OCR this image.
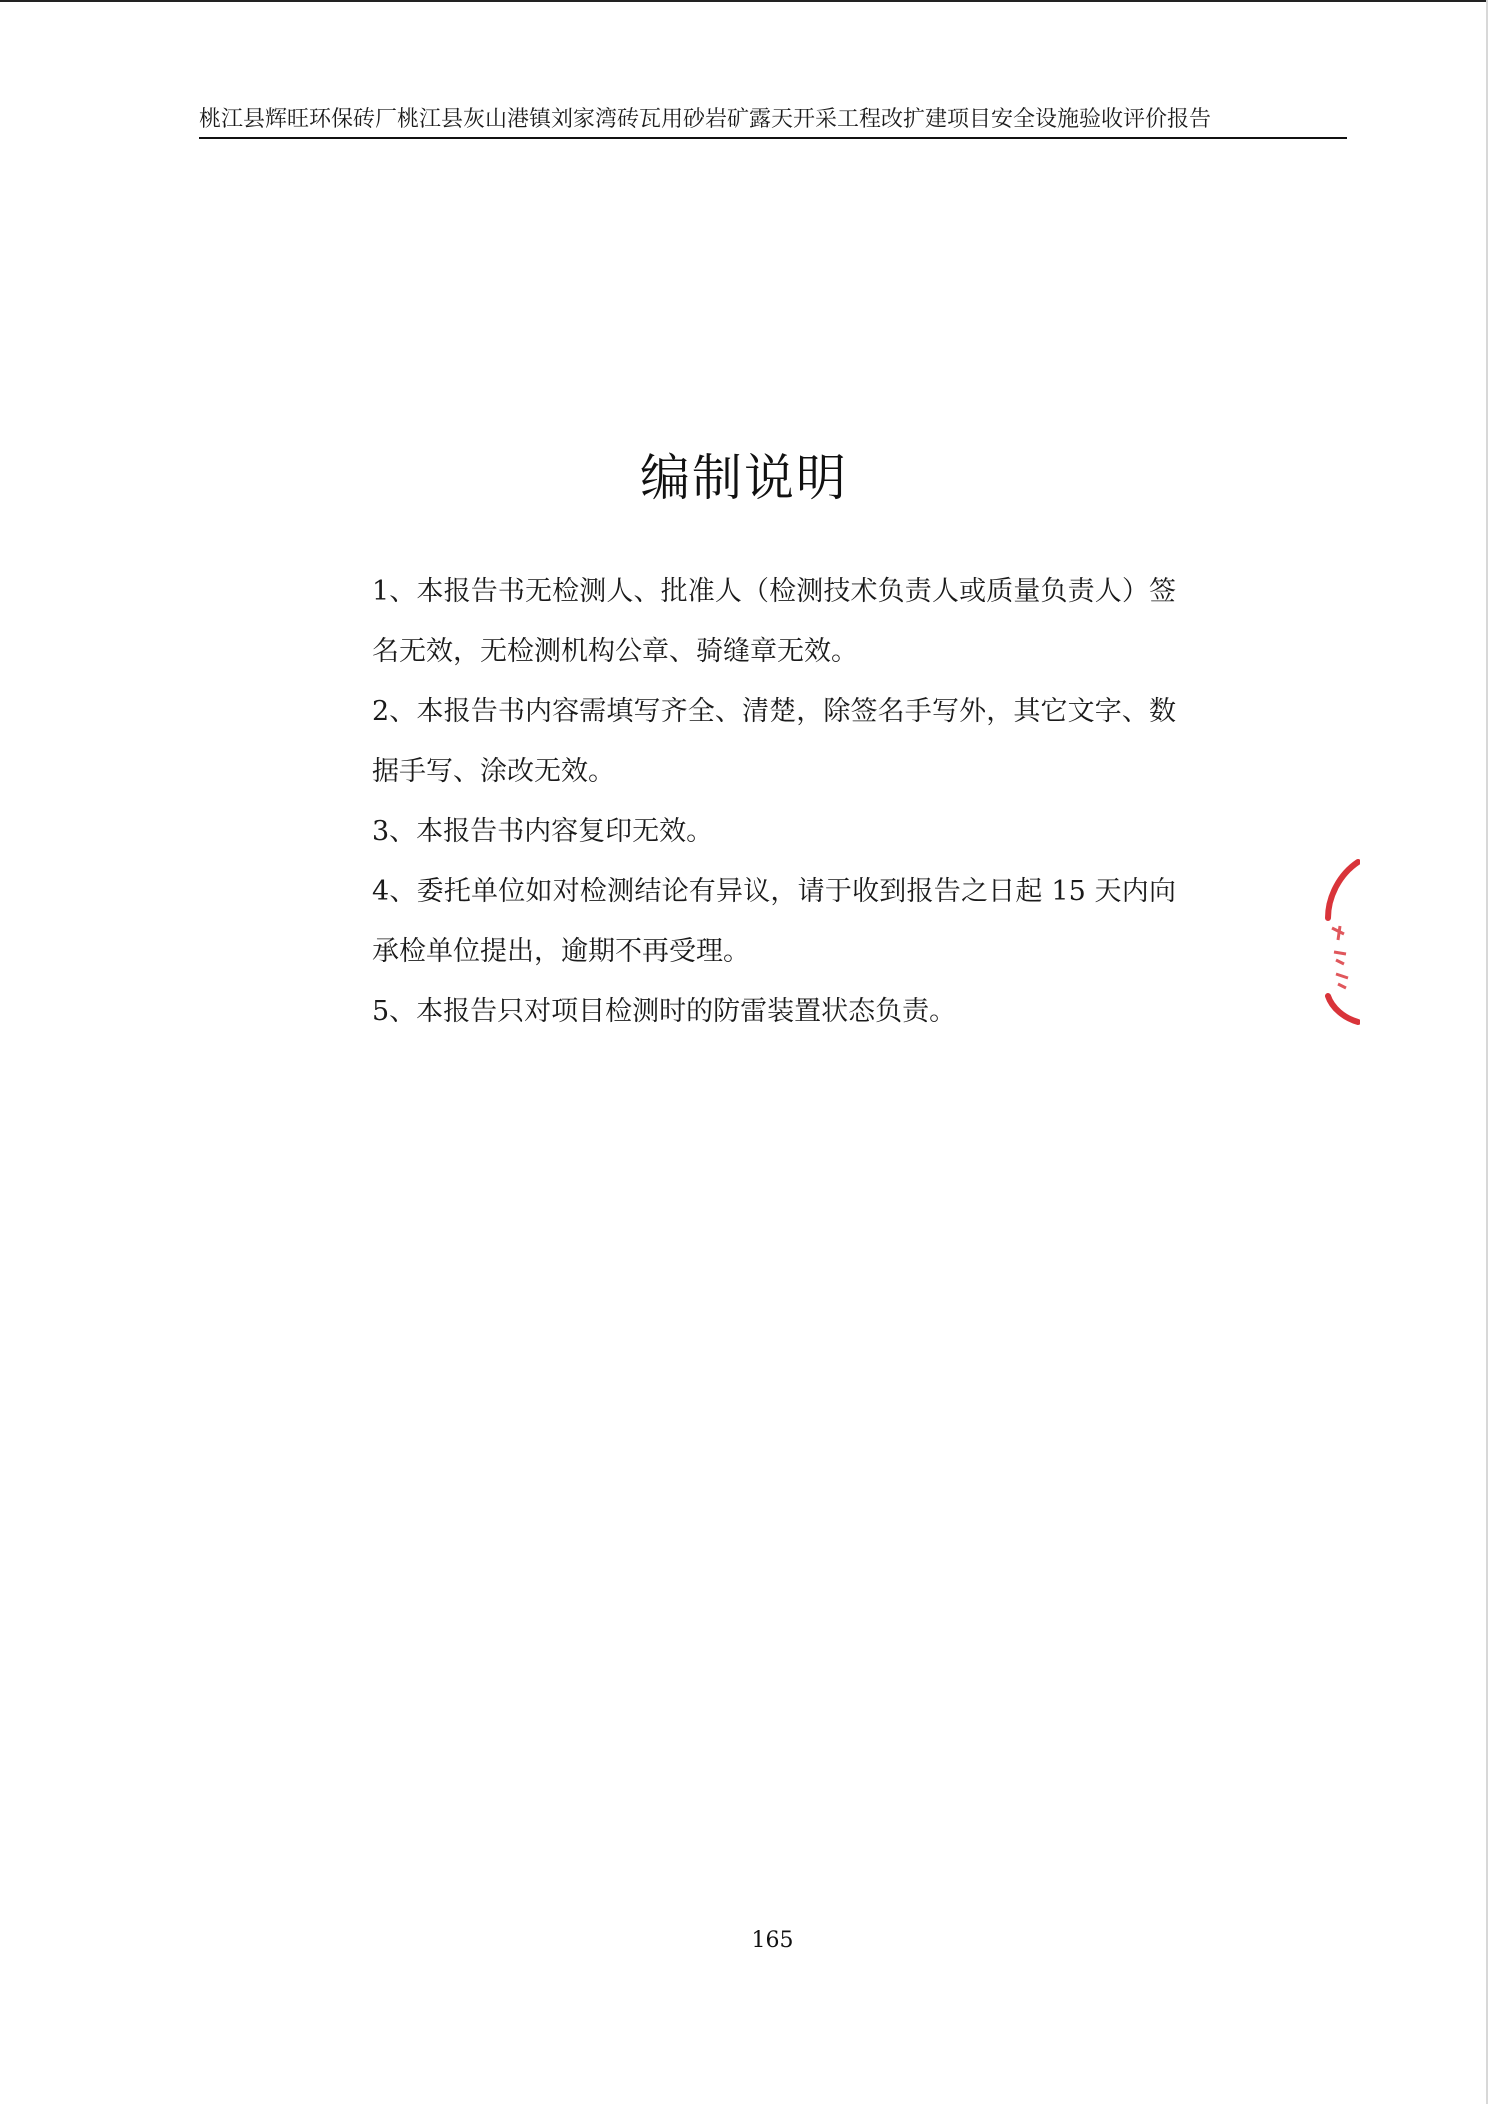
桃江县辉旺环保砖厂桃江县灰山港镇刘家湾砖瓦用砂岩矿露天开采工程改扩建项目安全设施验收评价报告
编制说明

1、本报告书无检测人、批准人（检测技术负责人或质量负责人）签名无效，无检测机构公章、骑缝章无效。

2、本报告书内容需填写齐全、清楚，除签名手写外，其它文字、数据手写、涂改无效。

3、本报告书内容复印无效。

4、委托单位如对检测结论有异议，请于收到报告之日起 15 天内向承检单位提出，逾期不再受理。

5、本报告只对项目检测时的防雷装置状态负责。

165
